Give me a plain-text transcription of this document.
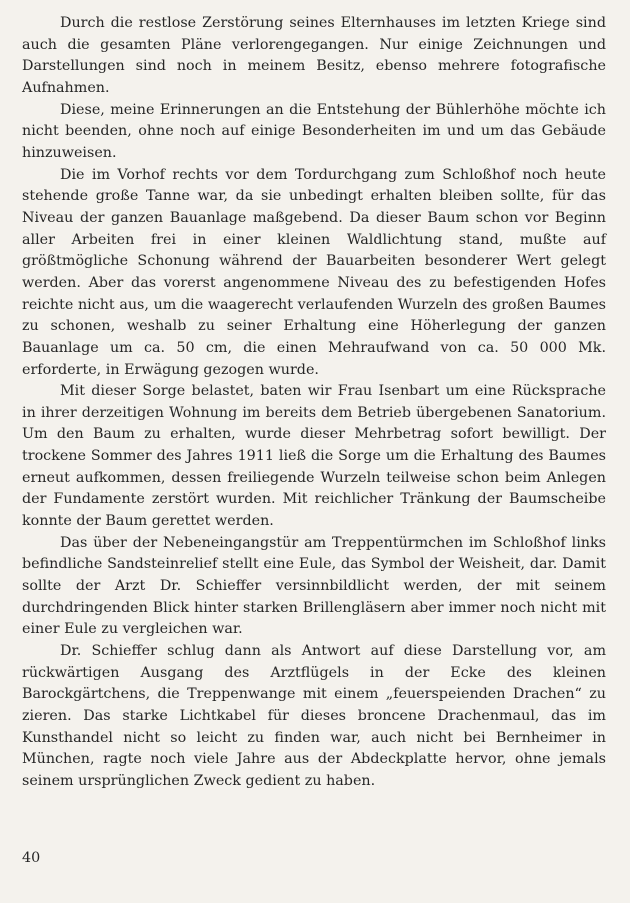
Durch die restlose Zerstörung seines Elternhauses im letzten Kriege sind auch die gesamten Pläne verlorengegangen. Nur einige Zeichnungen und Darstellungen sind noch in meinem Besitz, ebenso mehrere fotografische Aufnahmen.

Diese, meine Erinnerungen an die Entstehung der Bühlerhöhe möchte ich nicht beenden, ohne noch auf einige Besonderheiten im und um das Gebäude hinzuweisen.

Die im Vorhof rechts vor dem Tordurchgang zum Schloßhof noch heute stehende große Tanne war, da sie unbedingt erhalten bleiben sollte, für das Niveau der ganzen Bauanlage maßgebend. Da dieser Baum schon vor Beginn aller Arbeiten frei in einer kleinen Waldlichtung stand, mußte auf größtmögliche Schonung während der Bauarbeiten besonderer Wert gelegt werden. Aber das vorerst angenommene Niveau des zu befestigenden Hofes reichte nicht aus, um die waagerecht verlaufenden Wurzeln des großen Baumes zu schonen, weshalb zu seiner Erhaltung eine Höherlegung der ganzen Bauanlage um ca. 50 cm, die einen Mehraufwand von ca. 50 000 Mk. erforderte, in Erwägung gezogen wurde.

Mit dieser Sorge belastet, baten wir Frau Isenbart um eine Rücksprache in ihrer derzeitigen Wohnung im bereits dem Betrieb übergebenen Sanatorium. Um den Baum zu erhalten, wurde dieser Mehrbetrag sofort bewilligt. Der trockene Sommer des Jahres 1911 ließ die Sorge um die Erhaltung des Baumes erneut aufkommen, dessen freiliegende Wurzeln teilweise schon beim Anlegen der Fundamente zerstört wurden. Mit reichlicher Tränkung der Baumscheibe konnte der Baum gerettet werden.

Das über der Nebeneingangstür am Treppentürmchen im Schloßhof links befindliche Sandsteinrelief stellt eine Eule, das Symbol der Weisheit, dar. Damit sollte der Arzt Dr. Schieffer versinnbildlicht werden, der mit seinem durchdringenden Blick hinter starken Brillengläsern aber immer noch nicht mit einer Eule zu vergleichen war.

Dr. Schieffer schlug dann als Antwort auf diese Darstellung vor, am rückwärtigen Ausgang des Arztflügels in der Ecke des kleinen Barockgärtchens, die Treppenwange mit einem „feuerspeienden Drachen“ zu zieren. Das starke Lichtkabel für dieses broncene Drachenmaul, das im Kunsthandel nicht so leicht zu finden war, auch nicht bei Bernheimer in München, ragte noch viele Jahre aus der Abdeckplatte hervor, ohne jemals seinem ursprünglichen Zweck gedient zu haben.

40
